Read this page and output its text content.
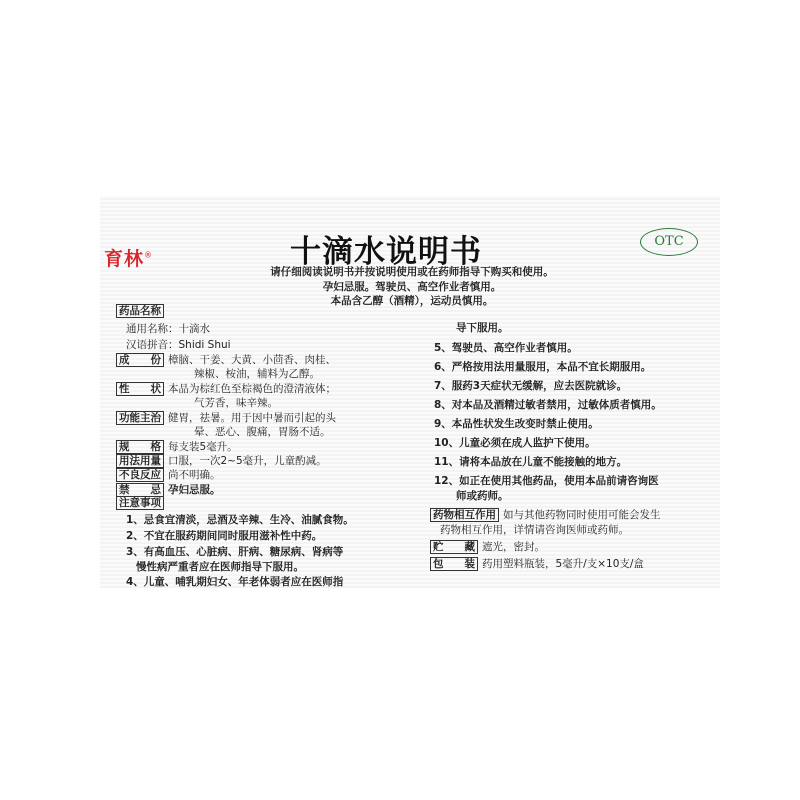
育林®	十滴水说明书	OTC
请仔细阅读说明书并按说明使用或在药师指导下购买和使用。
孕妇忌服。驾驶员、高空作业者慎用。
本品含乙醇（酒精），运动员慎用。
药品名称
通用名称：十滴水
汉语拼音：Shidi Shui
成　　份 樟脑、干姜、大黄、小茴香、肉桂、
辣椒、桉油，辅料为乙醇。
性　　状 本品为棕红色至棕褐色的澄清液体；
气芳香，味辛辣。
功能主治 健胃，祛暑。用于因中暑而引起的头
晕、恶心、腹痛，胃肠不适。
规　　格 每支装5毫升。
用法用量 口服，一次2~5毫升，儿童酌减。
不良反应 尚不明确。
禁　　忌 孕妇忌服。
注意事项
1、忌食宜清淡，忌酒及辛辣、生冷、油腻食物。
2、不宜在服药期间同时服用滋补性中药。
3、有高血压、心脏病、肝病、糖尿病、肾病等
慢性病严重者应在医师指导下服用。
4、儿童、哺乳期妇女、年老体弱者应在医师指
导下服用。
5、驾驶员、高空作业者慎用。
6、严格按用法用量服用，本品不宜长期服用。
7、服药3天症状无缓解，应去医院就诊。
8、对本品及酒精过敏者禁用，过敏体质者慎用。
9、本品性状发生改变时禁止使用。
10、儿童必须在成人监护下使用。
11、请将本品放在儿童不能接触的地方。
12、如正在使用其他药品，使用本品前请咨询医
师或药师。
药物相互作用 如与其他药物同时使用可能会发生
药物相互作用，详情请咨询医师或药师。
贮　　藏 遮光，密封。
包　　装 药用塑料瓶装，5毫升/支×10支/盒
